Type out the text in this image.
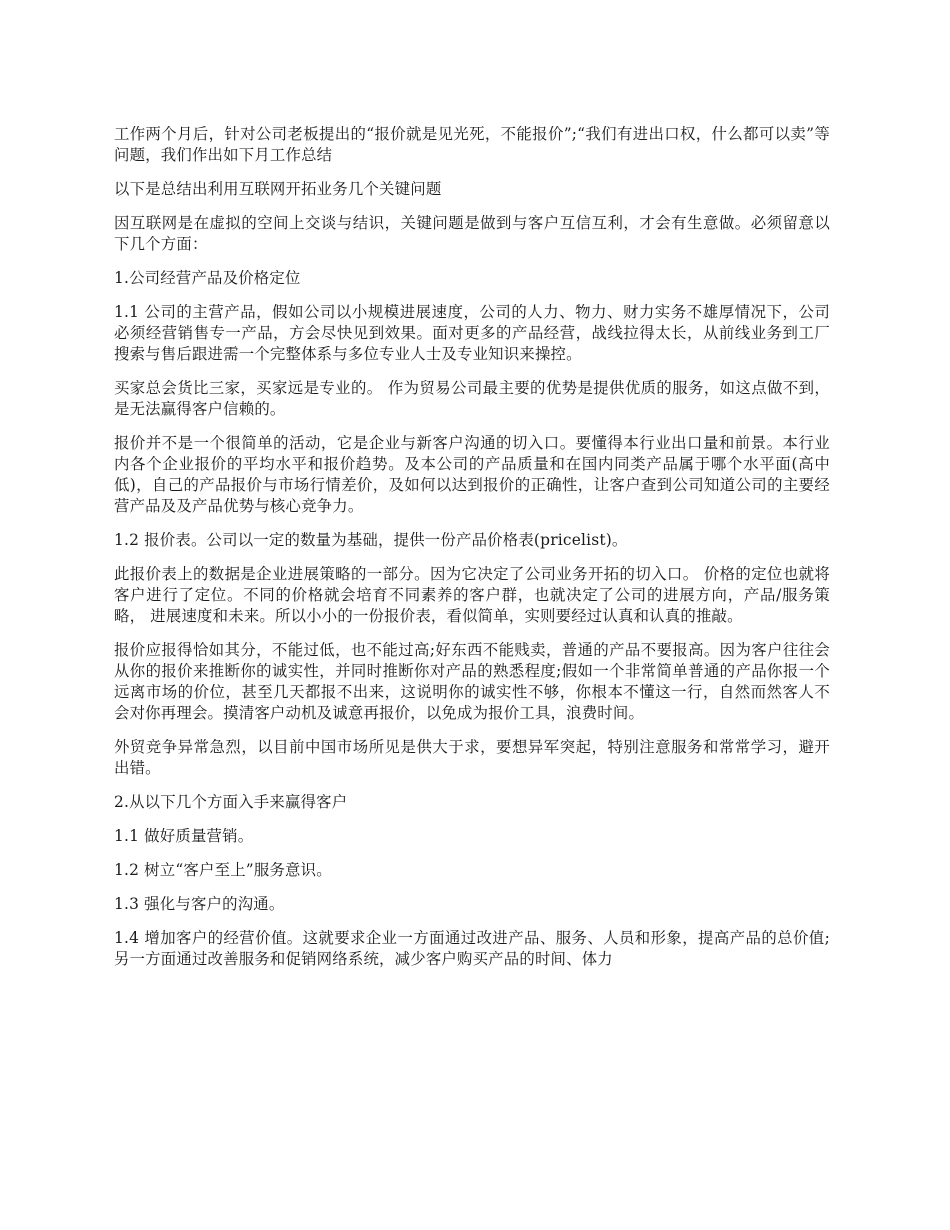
工作两个月后，针对公司老板提出的“报价就是见光死，不能报价”;“我们有进出口权，什么都可以卖”等问题，我们作出如下月工作总结

以下是总结出利用互联网开拓业务几个关键问题

因互联网是在虚拟的空间上交谈与结识，关键问题是做到与客户互信互利，才会有生意做。必须留意以下几个方面：

1.公司经营产品及价格定位

1.1 公司的主营产品，假如公司以小规模进展速度，公司的人力、物力、财力实务不雄厚情况下，公司必须经营销售专一产品，方会尽快见到效果。面对更多的产品经营，战线拉得太长，从前线业务到工厂搜索与售后跟进需一个完整体系与多位专业人士及专业知识来操控。

买家总会货比三家，买家远是专业的。 作为贸易公司最主要的优势是提供优质的服务，如这点做不到，是无法赢得客户信赖的。

报价并不是一个很简单的活动，它是企业与新客户沟通的切入口。要懂得本行业出口量和前景。本行业内各个企业报价的平均水平和报价趋势。及本公司的产品质量和在国内同类产品属于哪个水平面(高中低)，自己的产品报价与市场行情差价，及如何以达到报价的正确性，让客户查到公司知道公司的主要经营产品及及产品优势与核心竞争力。

1.2 报价表。公司以一定的数量为基础，提供一份产品价格表(pricelist)。

此报价表上的数据是企业进展策略的一部分。因为它决定了公司业务开拓的切入口。 价格的定位也就将客户进行了定位。不同的价格就会培育不同素养的客户群，也就决定了公司的进展方向，产品/服务策略， 进展速度和未来。所以小小的一份报价表，看似简单，实则要经过认真和认真的推敲。

报价应报得恰如其分，不能过低，也不能过高;好东西不能贱卖，普通的产品不要报高。因为客户往往会从你的报价来推断你的诚实性，并同时推断你对产品的熟悉程度;假如一个非常简单普通的产品你报一个远离市场的价位，甚至几天都报不出来，这说明你的诚实性不够，你根本不懂这一行，自然而然客人不会对你再理会。摸清客户动机及诚意再报价，以免成为报价工具，浪费时间。

外贸竞争异常急烈，以目前中国市场所见是供大于求，要想异军突起，特别注意服务和常常学习，避开出错。

2.从以下几个方面入手来赢得客户

1.1 做好质量营销。

1.2 树立“客户至上”服务意识。

1.3 强化与客户的沟通。

1.4 增加客户的经营价值。这就要求企业一方面通过改进产品、服务、人员和形象，提高产品的总价值;另一方面通过改善服务和促销网络系统，减少客户购买产品的时间、体力
